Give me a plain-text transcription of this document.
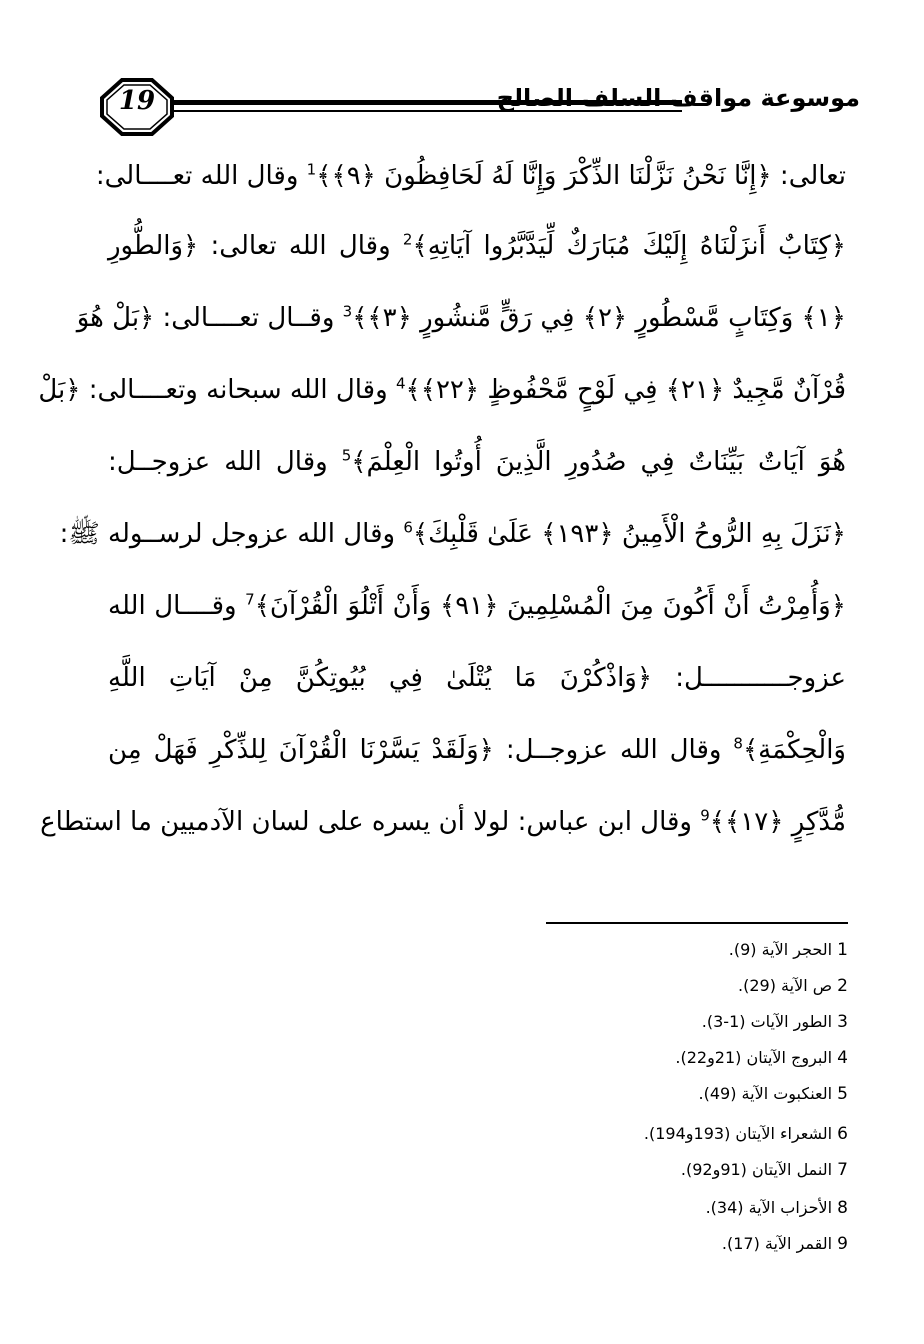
19	موسوعة مواقف السلف الصالح
تعالى: ﴿إِنَّا نَحْنُ نَزَّلْنَا الذِّكْرَ وَإِنَّا لَهُ لَحَافِظُونَ ﴿٩﴾﴾$^1$ وقال الله تعــــالى:
﴿كِتَابٌ أَنزَلْنَاهُ إِلَيْكَ مُبَارَكٌ لِّيَدَّبَّرُوا آيَاتِهِ﴾$^2$ وقال الله تعالى: ﴿وَالطُّورِ
﴿١﴾ وَكِتَابٍ مَّسْطُورٍ ﴿٢﴾ فِي رَقٍّ مَّنشُورٍ ﴿٣﴾﴾$^3$ وقــال تعــــالى: ﴿بَلْ هُوَ
قُرْآنٌ مَّجِيدٌ ﴿٢١﴾ فِي لَوْحٍ مَّحْفُوظٍ ﴿٢٢﴾﴾$^4$ وقال الله سبحانه وتعــــالى: ﴿بَلْ
هُوَ آيَاتٌ بَيِّنَاتٌ فِي صُدُورِ الَّذِينَ أُوتُوا الْعِلْمَ﴾$^5$ وقال الله عزوجــل:
﴿نَزَلَ بِهِ الرُّوحُ الْأَمِينُ ﴿١٩٣﴾ عَلَىٰ قَلْبِكَ﴾$^6$ وقال الله عزوجل لرســوله ﷺ:
﴿وَأُمِرْتُ أَنْ أَكُونَ مِنَ الْمُسْلِمِينَ ﴿٩١﴾ وَأَنْ أَتْلُوَ الْقُرْآنَ﴾$^7$ وقــــال الله
عزوجـــــــــــل: ﴿وَاذْكُرْنَ مَا يُتْلَىٰ فِي بُيُوتِكُنَّ مِنْ آيَاتِ اللَّهِ
وَالْحِكْمَةِ﴾$^8$ وقال الله عزوجــل: ﴿وَلَقَدْ يَسَّرْنَا الْقُرْآنَ لِلذِّكْرِ فَهَلْ مِن
مُّدَّكِرٍ ﴿١٧﴾﴾$^9$ وقال ابن عباس: لولا أن يسره على لسان الآدميين ما استطاع
1 الحجر الآية (9).
2 ص الآية (29).
3 الطور الآيات (1-3).
4 البروج الآيتان (21و22).
5 العنكبوت الآية (49).
6 الشعراء الآيتان (193و194).
7 النمل الآيتان (91و92).
8 الأحزاب الآية (34).
9 القمر الآية (17).
